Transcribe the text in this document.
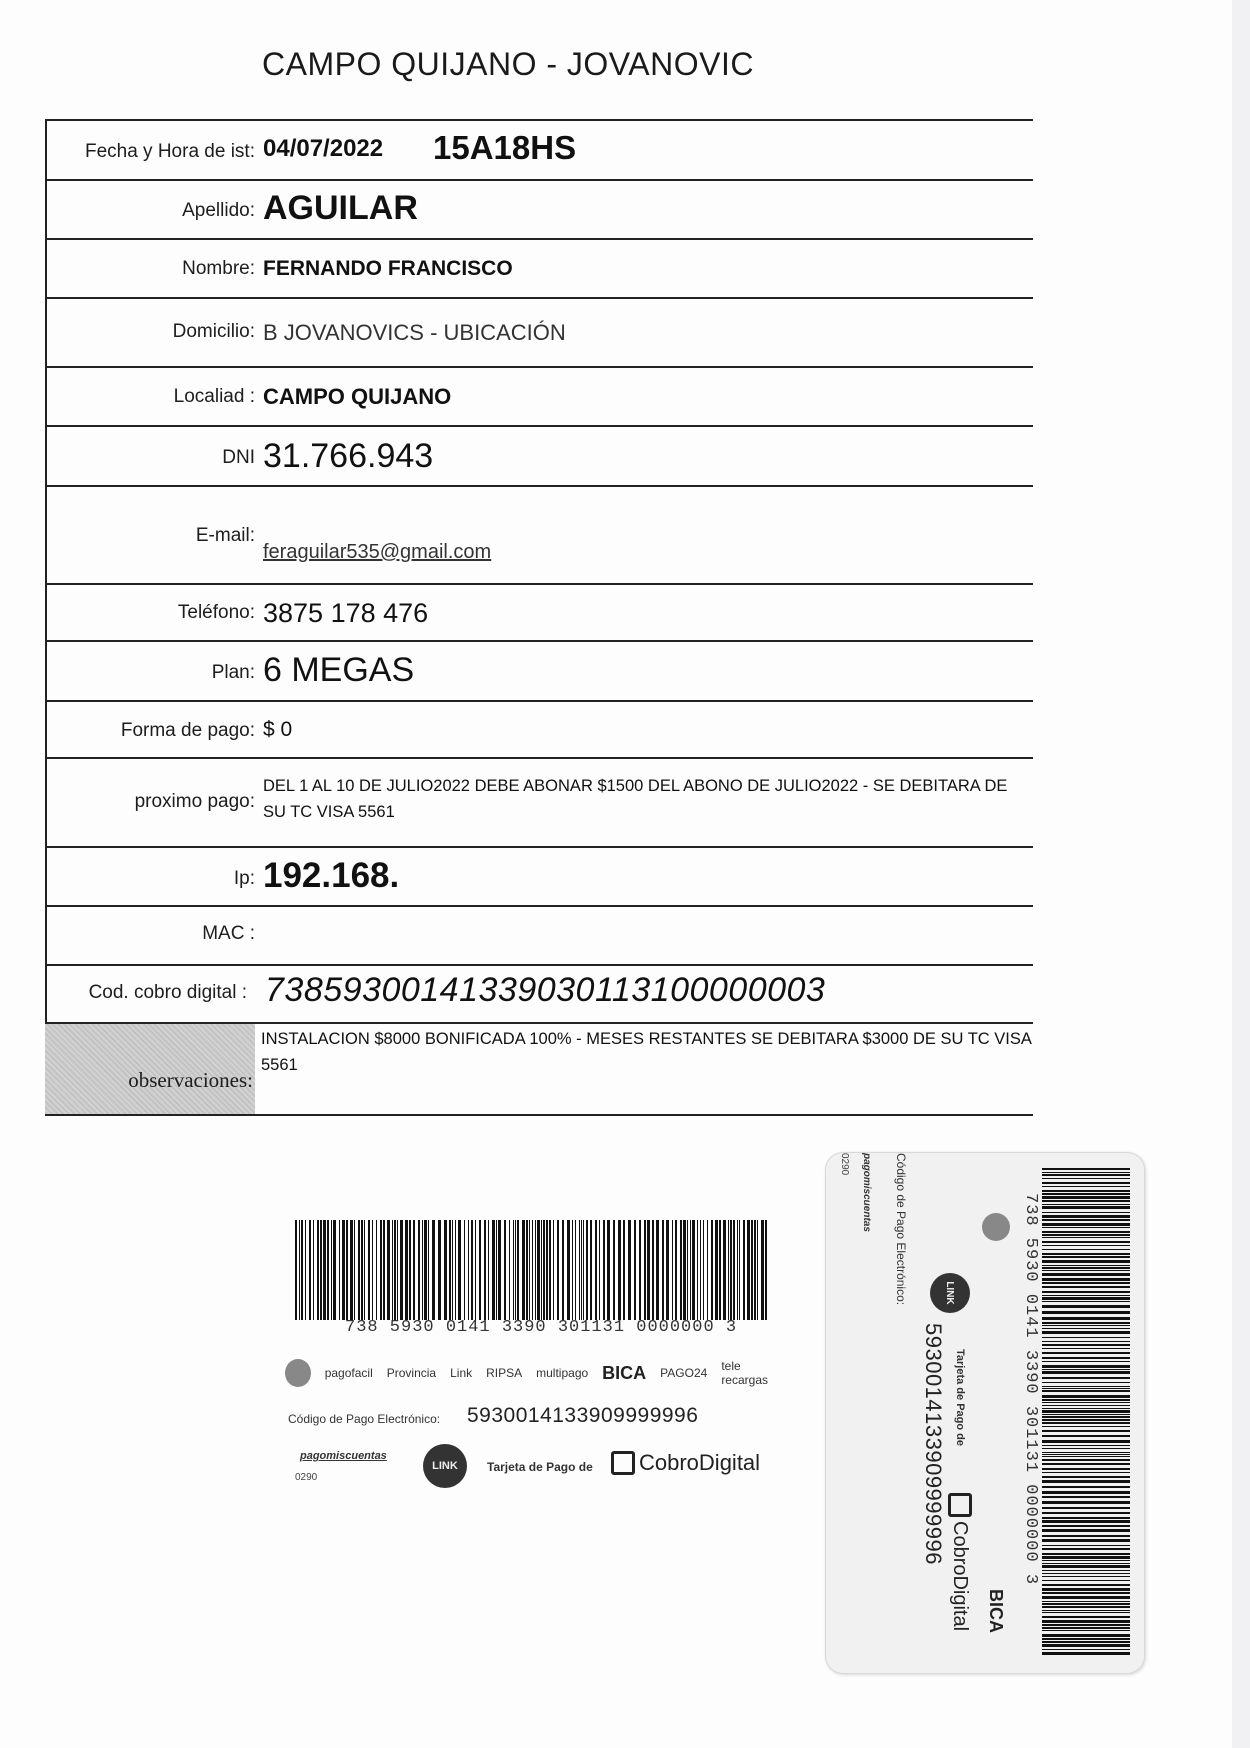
CAMPO QUIJANO - JOVANOVIC
Fecha y Hora de ist: 04/07/2022 15A18HS
Apellido: AGUILAR
Nombre: FERNANDO FRANCISCO
Domicilio: B JOVANOVICS - UBICACIÓN
Localiad : CAMPO QUIJANO
DNI 31.766.943
E-mail:
feraguilar535@gmail.com
Teléfono: 3875 178 476
Plan: 6 MEGAS
Forma de pago: $ 0
proximo pago:
DEL 1 AL 10 DE JULIO2022 DEBE ABONAR $1500 DEL ABONO DE JULIO2022 - SE DEBITARA DE SU TC VISA 5561
Ip: 192.168.
MAC :
Cod. cobro digital : 73859300141339030113100000003
observaciones:
INSTALACION $8000 BONIFICADA 100% - MESES RESTANTES SE DEBITARA $3000 DE SU TC VISA 5561
738 5930 0141 3390 301131 0000000 3
pagofacil Provincia Link RIPSA multipago BICA PAGO24 tele recargas
Código de Pago Electrónico: 5930014133909999996
pagomiscuentas
0290
LINK	Tarjeta de Pago de CobroDigital	738 5930 0141 3390 301131 0000000 3
BICA
Código de Pago Electrónico:
5930014133909999996
pagomiscuentas
0290
LINK
Tarjeta de Pago de
CobroDigital
